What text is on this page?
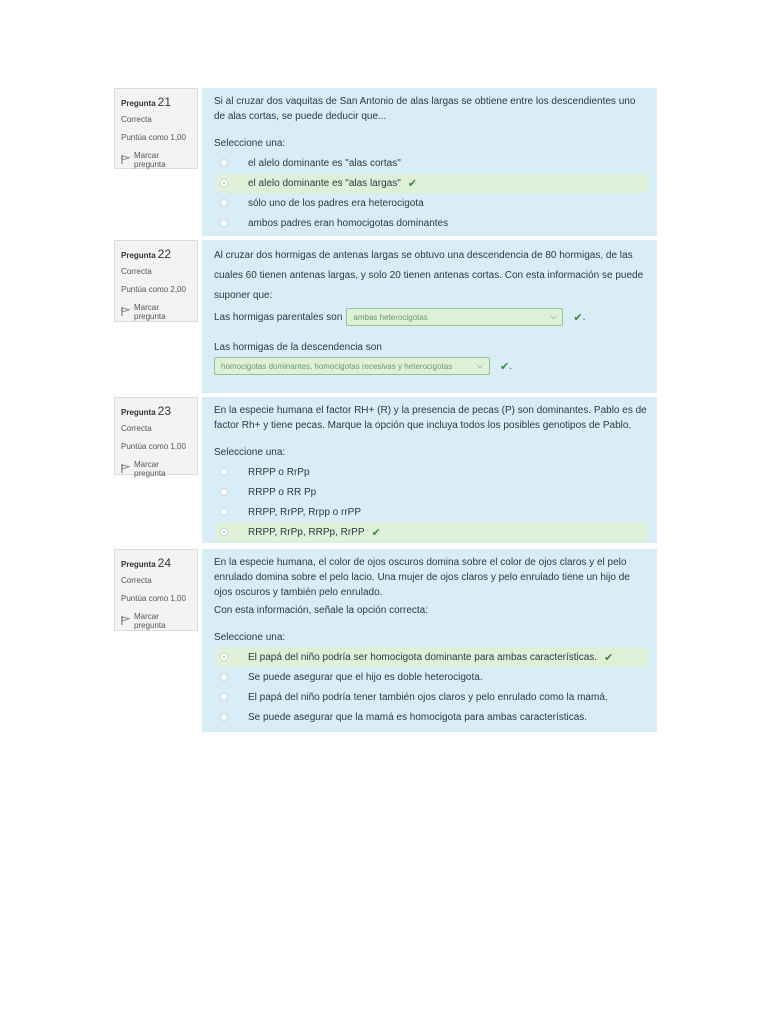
Pregunta 21
Correcta
Puntúa como 1,00
Marcar pregunta

Si al cruzar dos vaquitas de San Antonio de alas largas se obtiene entre los descendientes uno de alas cortas, se puede deducir que...

Seleccione una:
el alelo dominante es "alas cortas"
el alelo dominante es "alas largas" ✔
sólo uno de los padres era heterocigota
ambos padres eran homocigotas dominantes
Pregunta 22
Correcta
Puntúa como 2,00
Marcar pregunta

Al cruzar dos hormigas de antenas largas se obtuvo una descendencia de 80 hormigas, de las cuales 60 tienen antenas largas, y solo 20 tienen antenas cortas. Con esta información se puede suponer que:

Las hormigas parentales son ambas heterocigotas	⌵ ✔ .
Las hormigas de la descendencia son
homocigotas dominantes, homocigotas recesivas y heterocigotas	⌵ ✔ .
Pregunta 23
Correcta
Puntúa como 1,00
Marcar pregunta

En la especie humana el factor RH+ (R) y la presencia de pecas (P) son dominantes. Pablo es de factor Rh+ y tiene pecas. Marque la opción que incluya todos los posibles genotipos de Pablo.

Seleccione una:
RRPP o RrPp
RRPP o RR Pp
RRPP, RrPP, Rrpp o rrPP
RRPP, RrPp, RRPp, RrPP ✔
Pregunta 24
Correcta
Puntúa como 1,00
Marcar pregunta

En la especie humana, el color de ojos oscuros domina sobre el color de ojos claros y el pelo enrulado domina sobre el pelo lacio. Una mujer de ojos claros y pelo enrulado tiene un hijo de ojos oscuros y también pelo enrulado.

Con esta información, señale la opción correcta:

Seleccione una:
El papá del niño podría ser homocigota dominante para ambas características. ✔
Se puede asegurar que el hijo es doble heterocigota.
El papá del niño podría tener también ojos claros y pelo enrulado como la mamá.
Se puede asegurar que la mamá es homocigota para ambas características.
